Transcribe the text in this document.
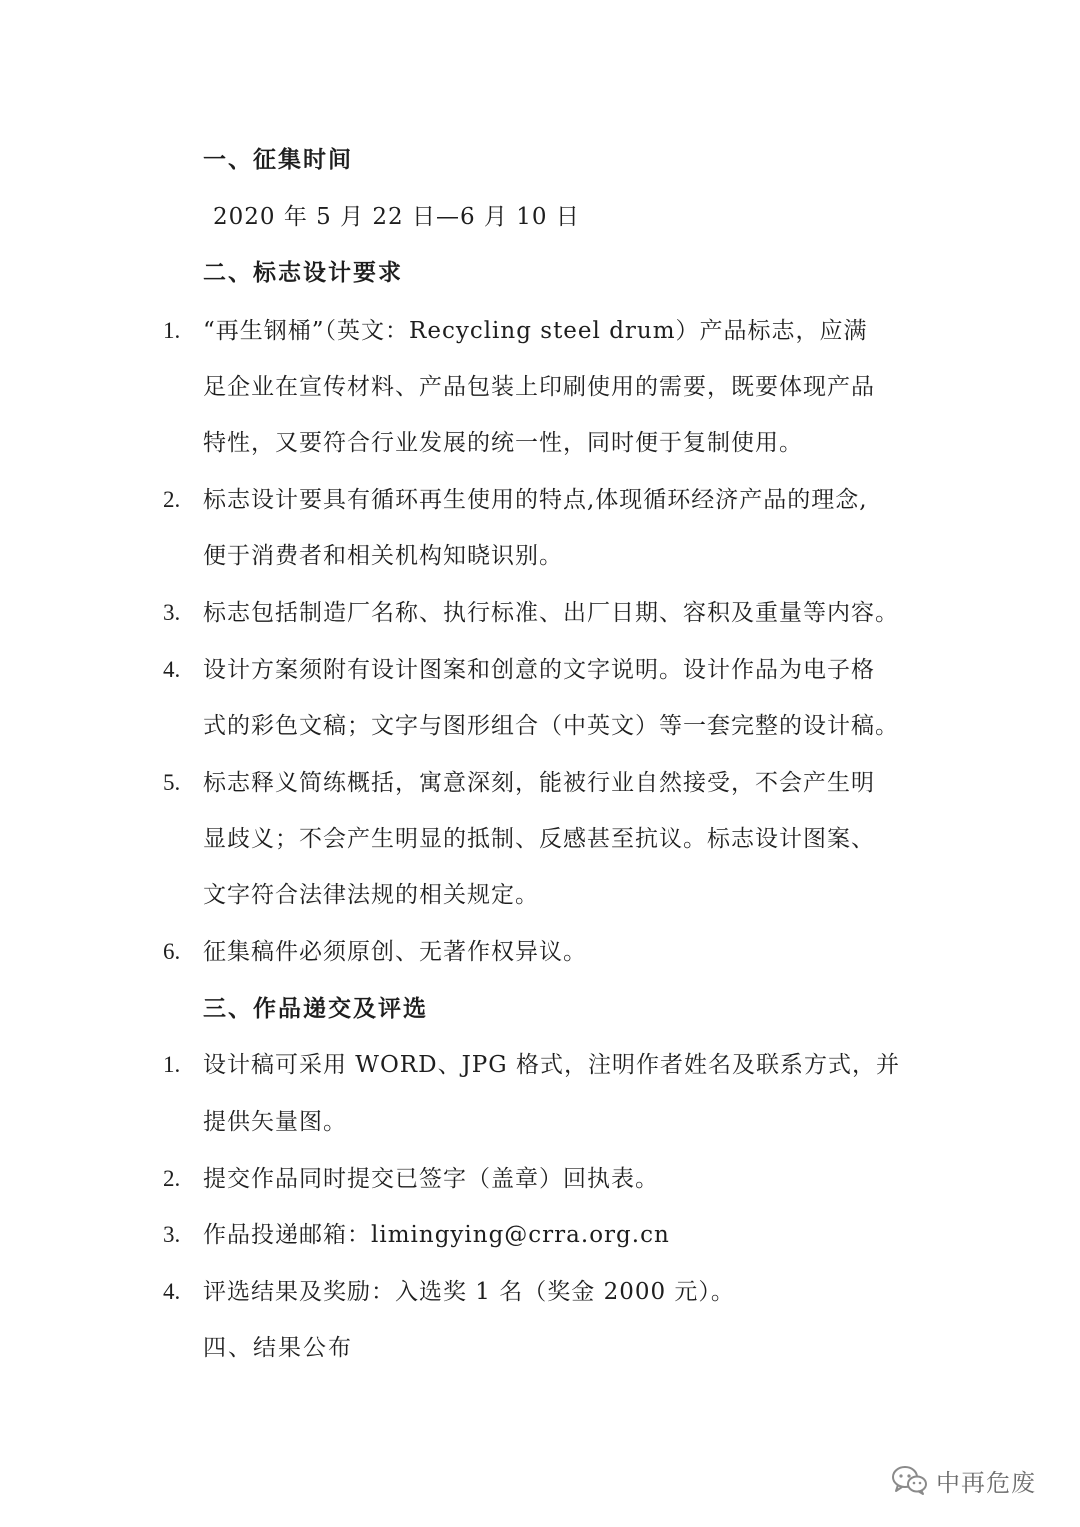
一、征集时间
2020 年 5 月 22 日—6 月 10 日
二、标志设计要求
1. “再生钢桶”（英文：Recycling steel drum）产品标志，应满
足企业在宣传材料、产品包装上印刷使用的需要，既要体现产品
特性，又要符合行业发展的统一性，同时便于复制使用。
2. 标志设计要具有循环再生使用的特点,体现循环经济产品的理念,
便于消费者和相关机构知晓识别。
3. 标志包括制造厂名称、执行标准、出厂日期、容积及重量等内容。
4. 设计方案须附有设计图案和创意的文字说明。设计作品为电子格
式的彩色文稿；文字与图形组合（中英文）等一套完整的设计稿。
5. 标志释义简练概括，寓意深刻，能被行业自然接受，不会产生明
显歧义；不会产生明显的抵制、反感甚至抗议。标志设计图案、
文字符合法律法规的相关规定。
6. 征集稿件必须原创、无著作权异议。
三、作品递交及评选
1. 设计稿可采用 WORD、JPG 格式，注明作者姓名及联系方式，并
提供矢量图。
2. 提交作品同时提交已签字（盖章）回执表。
3. 作品投递邮箱：limingying@crra.org.cn
4. 评选结果及奖励：入选奖 1 名（奖金 2000 元）。
四、结果公布
中再危废
